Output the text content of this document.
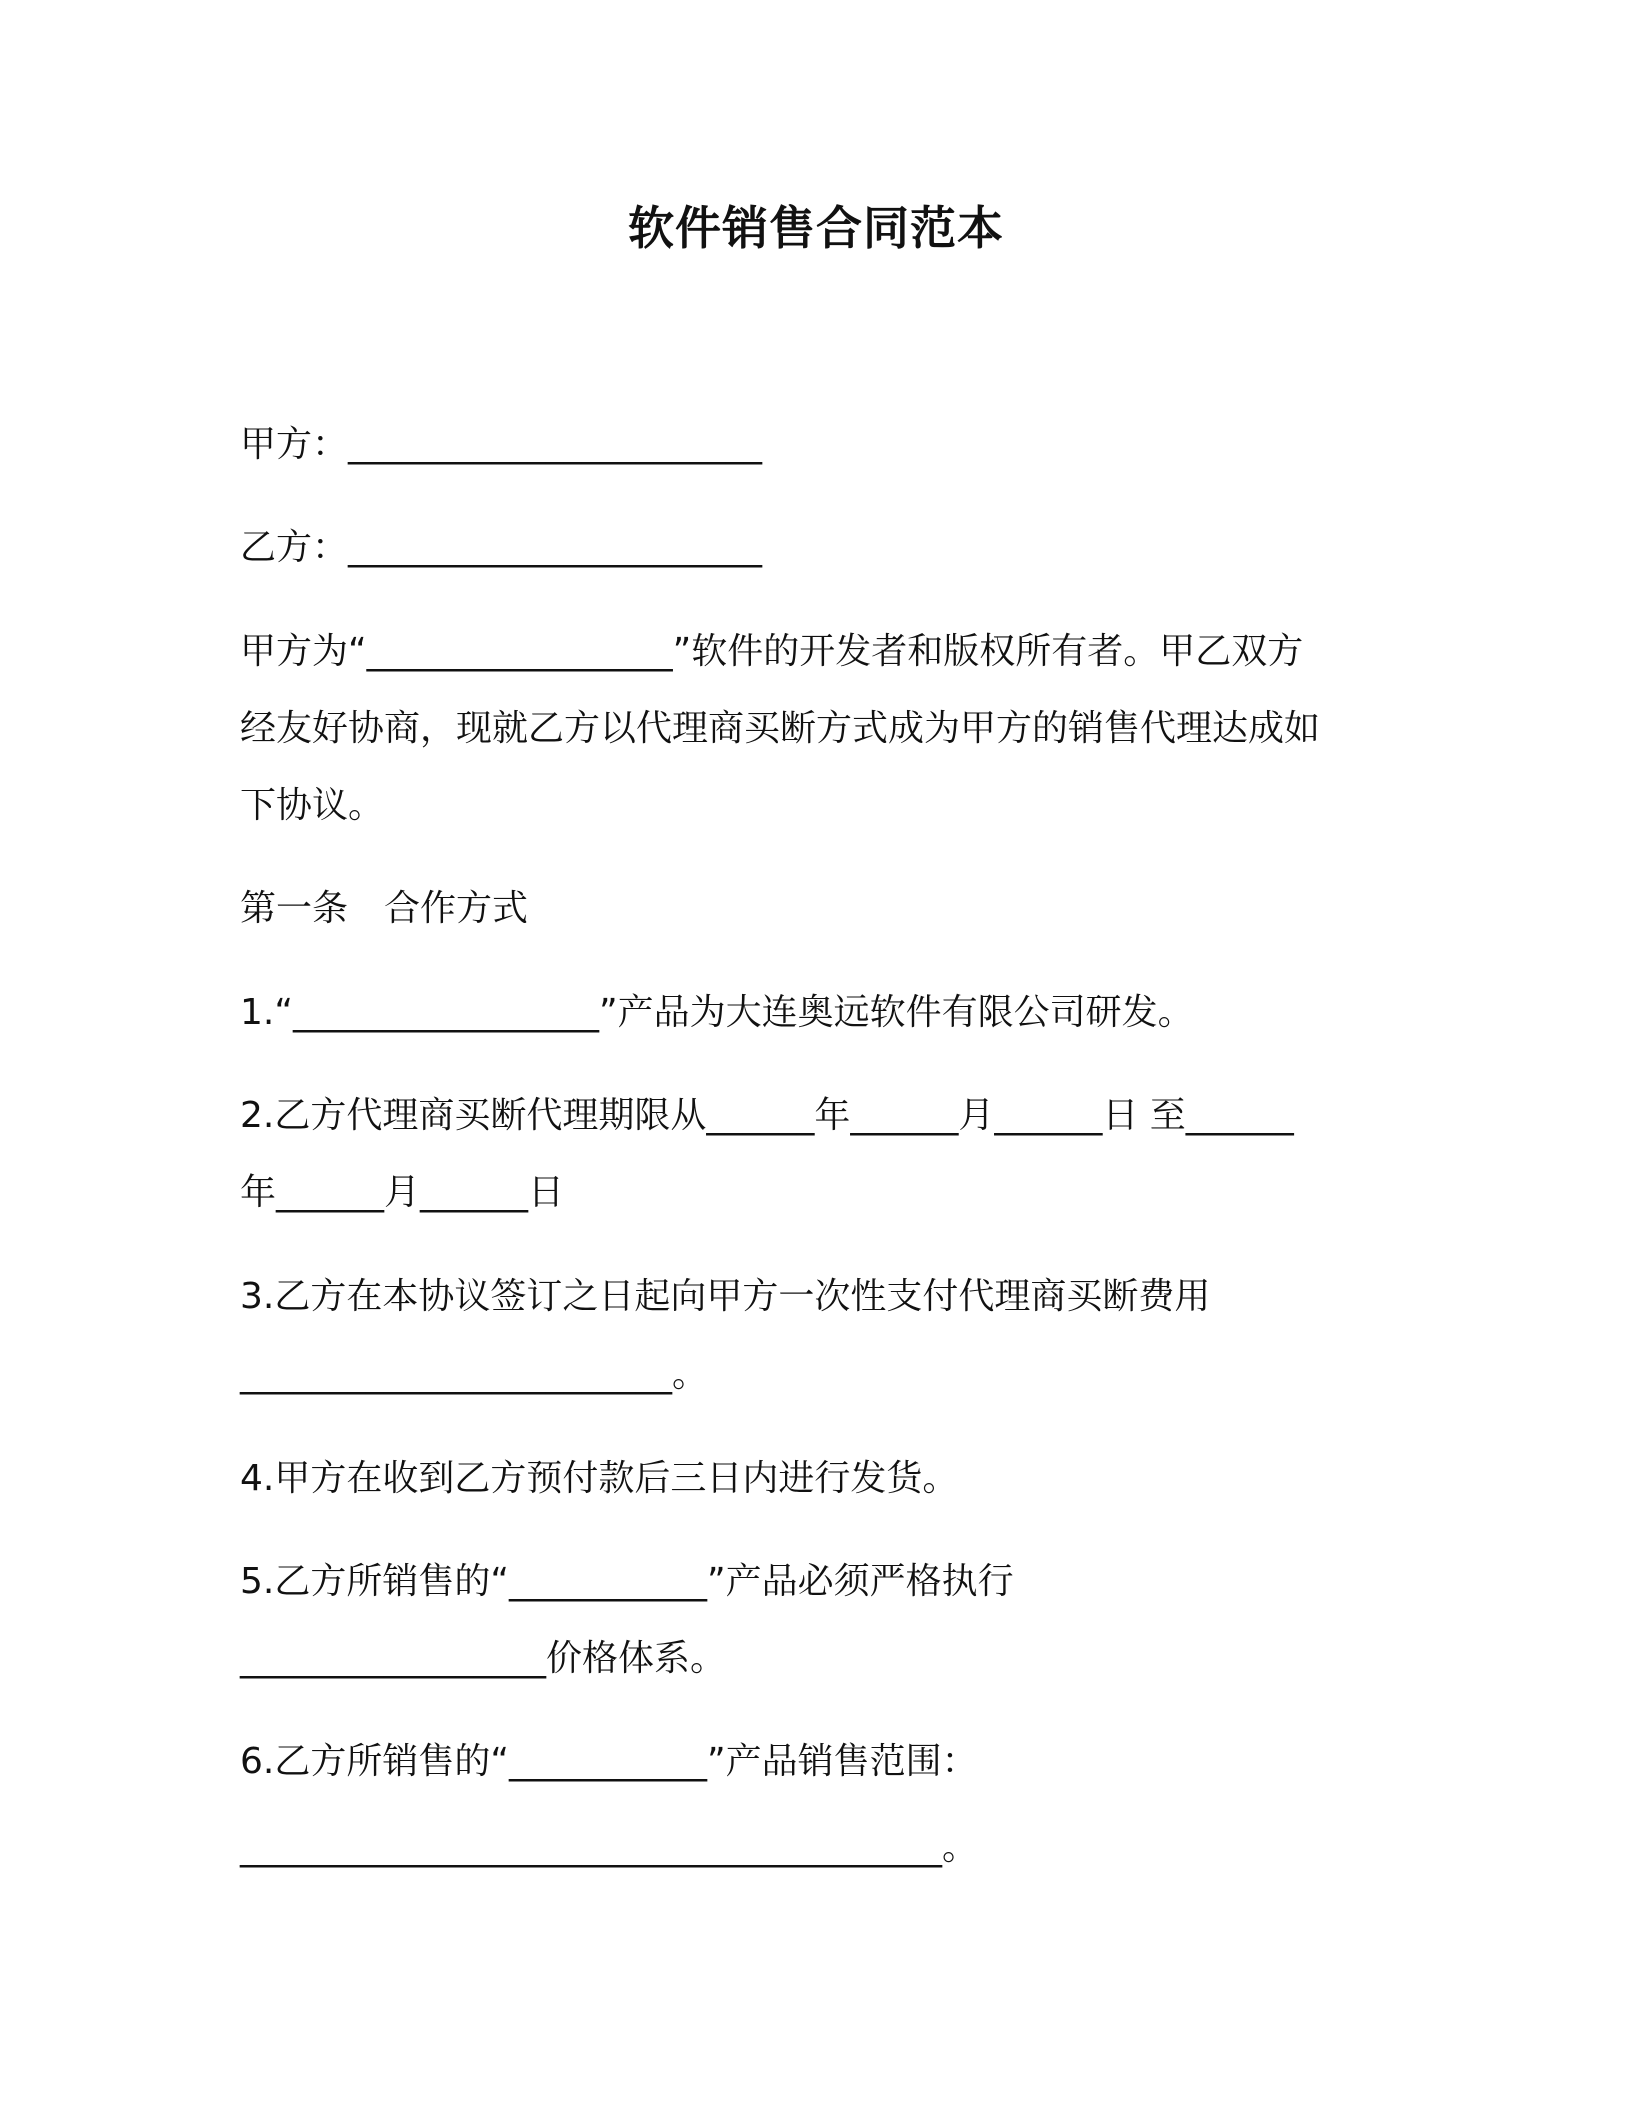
软件销售合同范本

甲方：_______________________

乙方：_______________________

甲方为“_________________”软件的开发者和版权所有者。甲乙双方

经友好协商，现就乙方以代理商买断方式成为甲方的销售代理达成如

下协议。

第一条　合作方式

1.“_________________”产品为大连奥远软件有限公司研发。

2.乙方代理商买断代理期限从______年______月______日 至______

年______月______日

3.乙方在本协议签订之日起向甲方一次性支付代理商买断费用

________________________。

4.甲方在收到乙方预付款后三日内进行发货。

5.乙方所销售的“___________”产品必须严格执行

_________________价格体系。

6.乙方所销售的“___________”产品销售范围：

_______________________________________。
